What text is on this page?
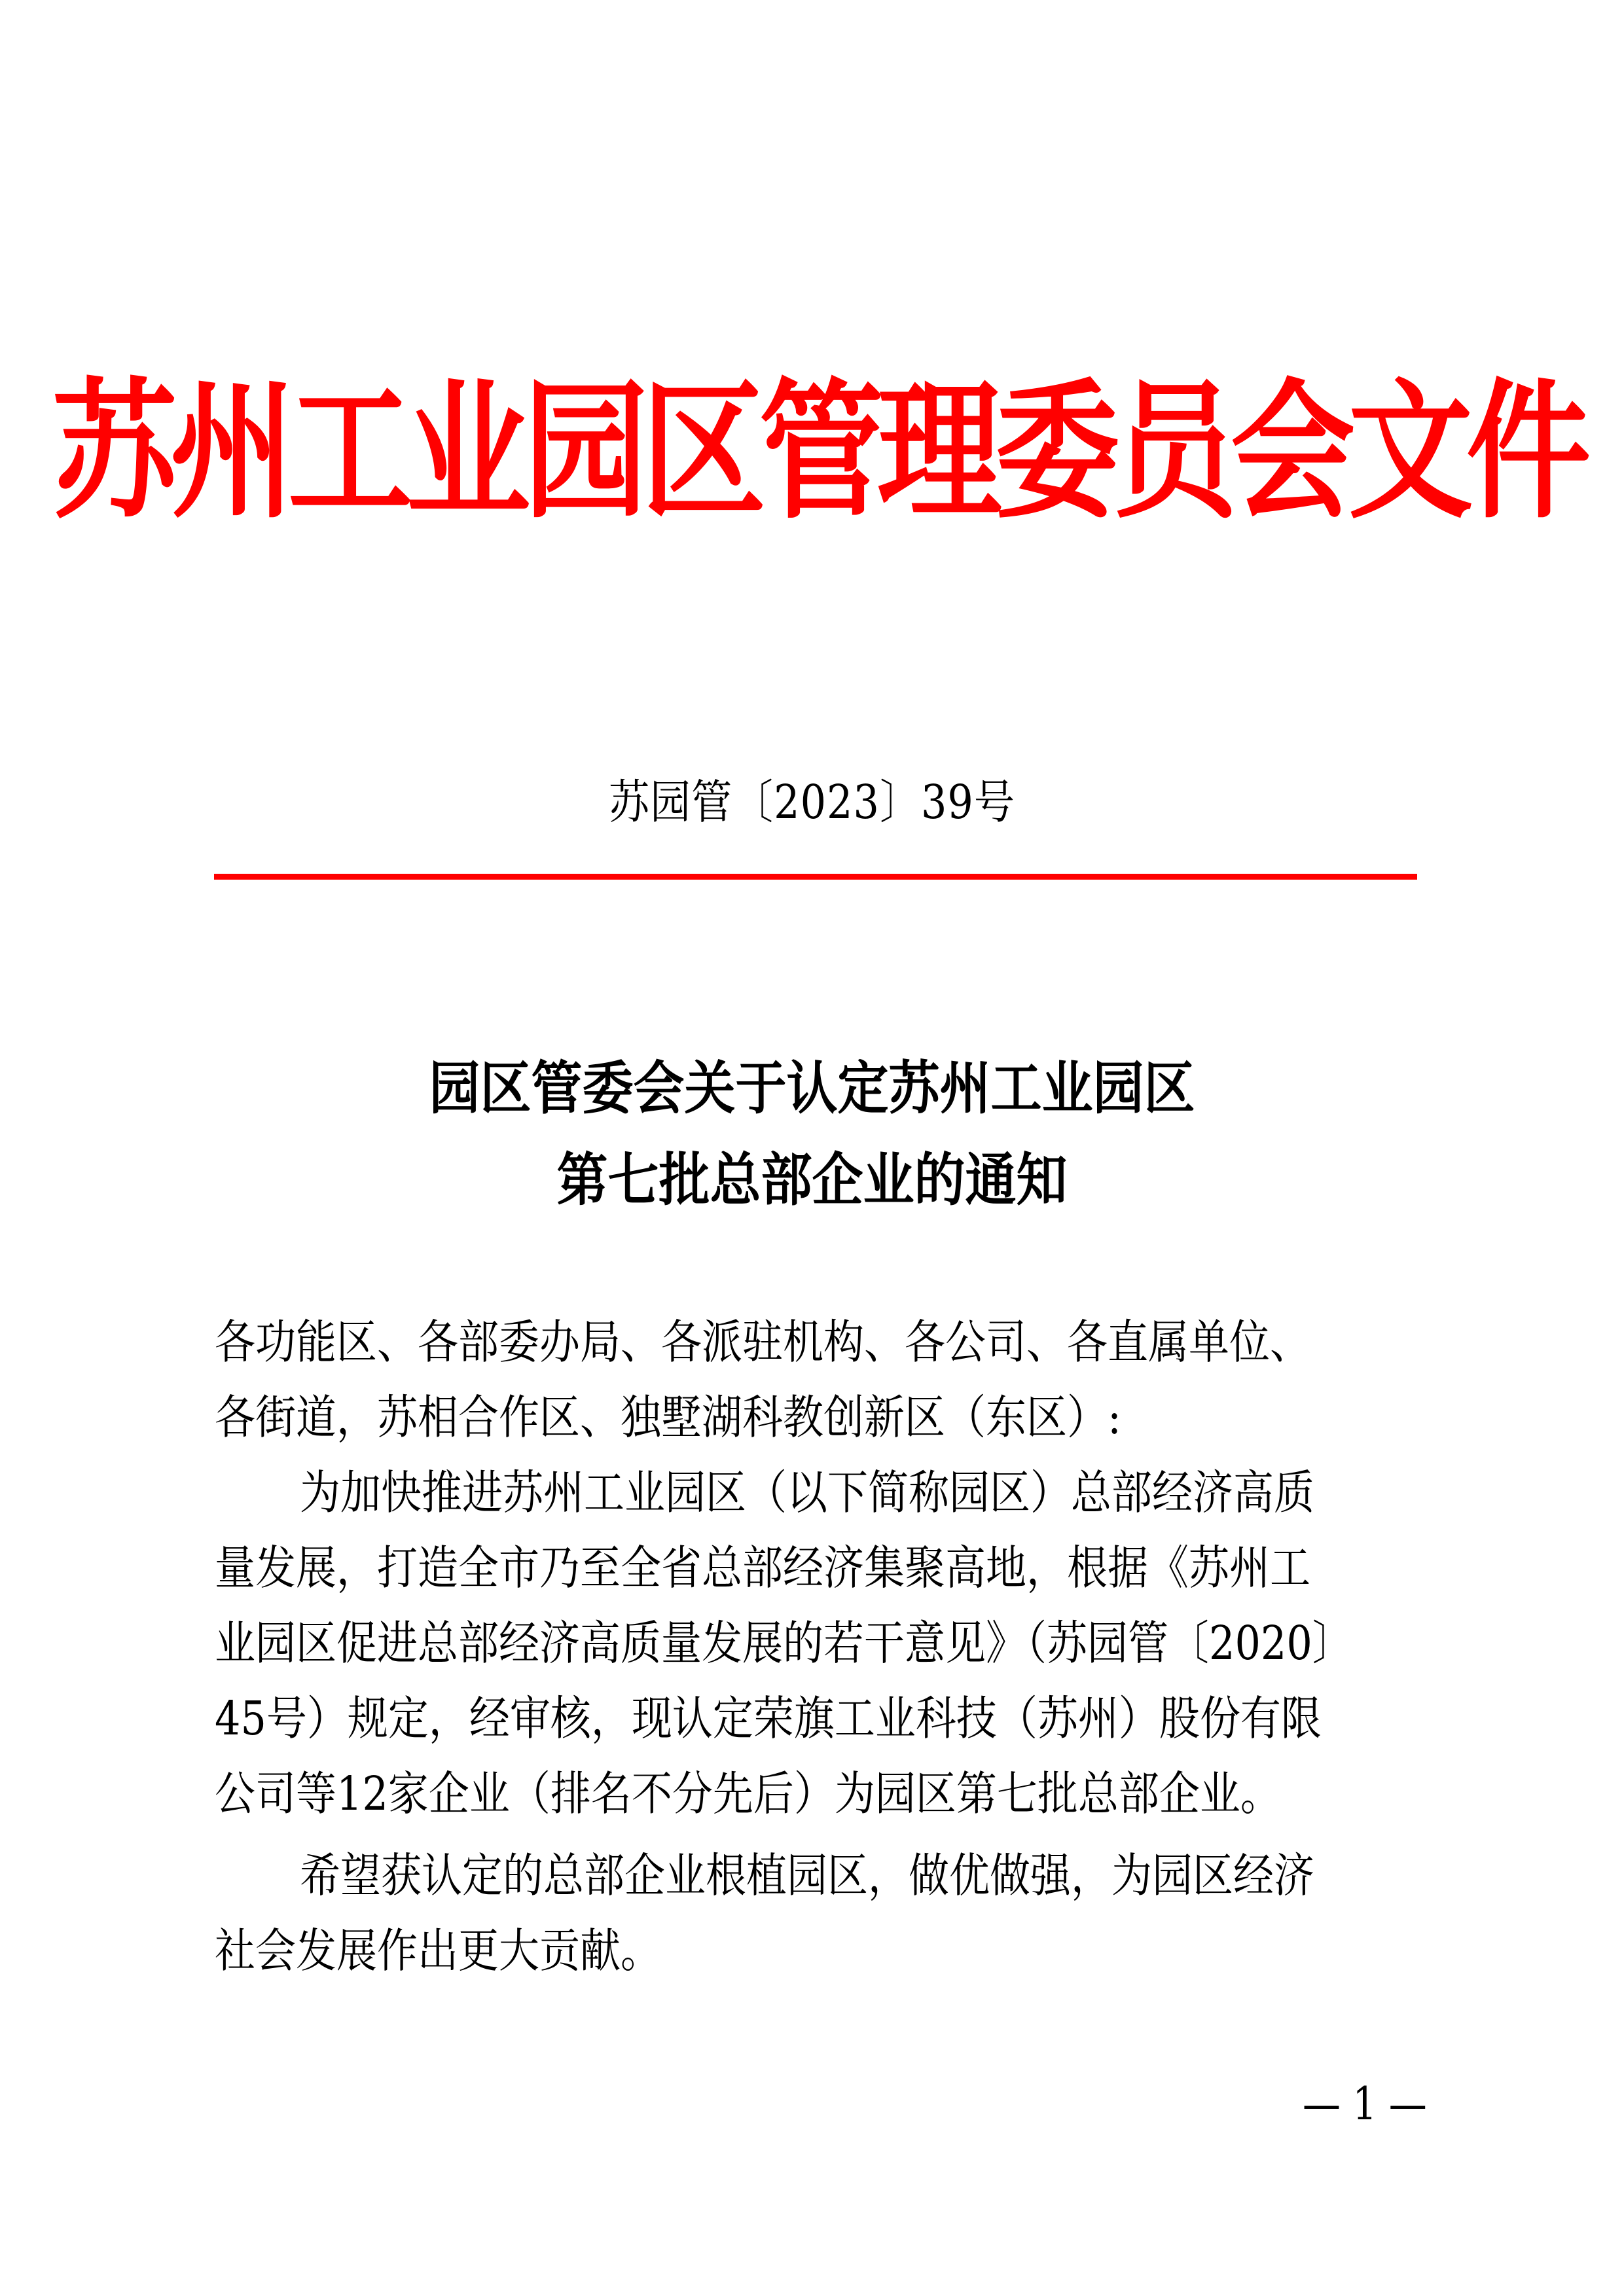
苏州工业园区管理委员会文件
苏园管〔2023〕39号
园区管委会关于认定苏州工业园区
第七批总部企业的通知
各功能区、各部委办局、各派驻机构、各公司、各直属单位、
各街道，苏相合作区、独墅湖科教创新区（东区）:
为加快推进苏州工业园区（以下简称园区）总部经济高质
量发展，打造全市乃至全省总部经济集聚高地，根据《苏州工
业园区促进总部经济高质量发展的若干意见》（苏园管〔2020〕
45号）规定，经审核，现认定荣旗工业科技（苏州）股份有限
公司等12家企业（排名不分先后）为园区第七批总部企业。
希望获认定的总部企业根植园区，做优做强，为园区经济
社会发展作出更大贡献。
— 1 —
